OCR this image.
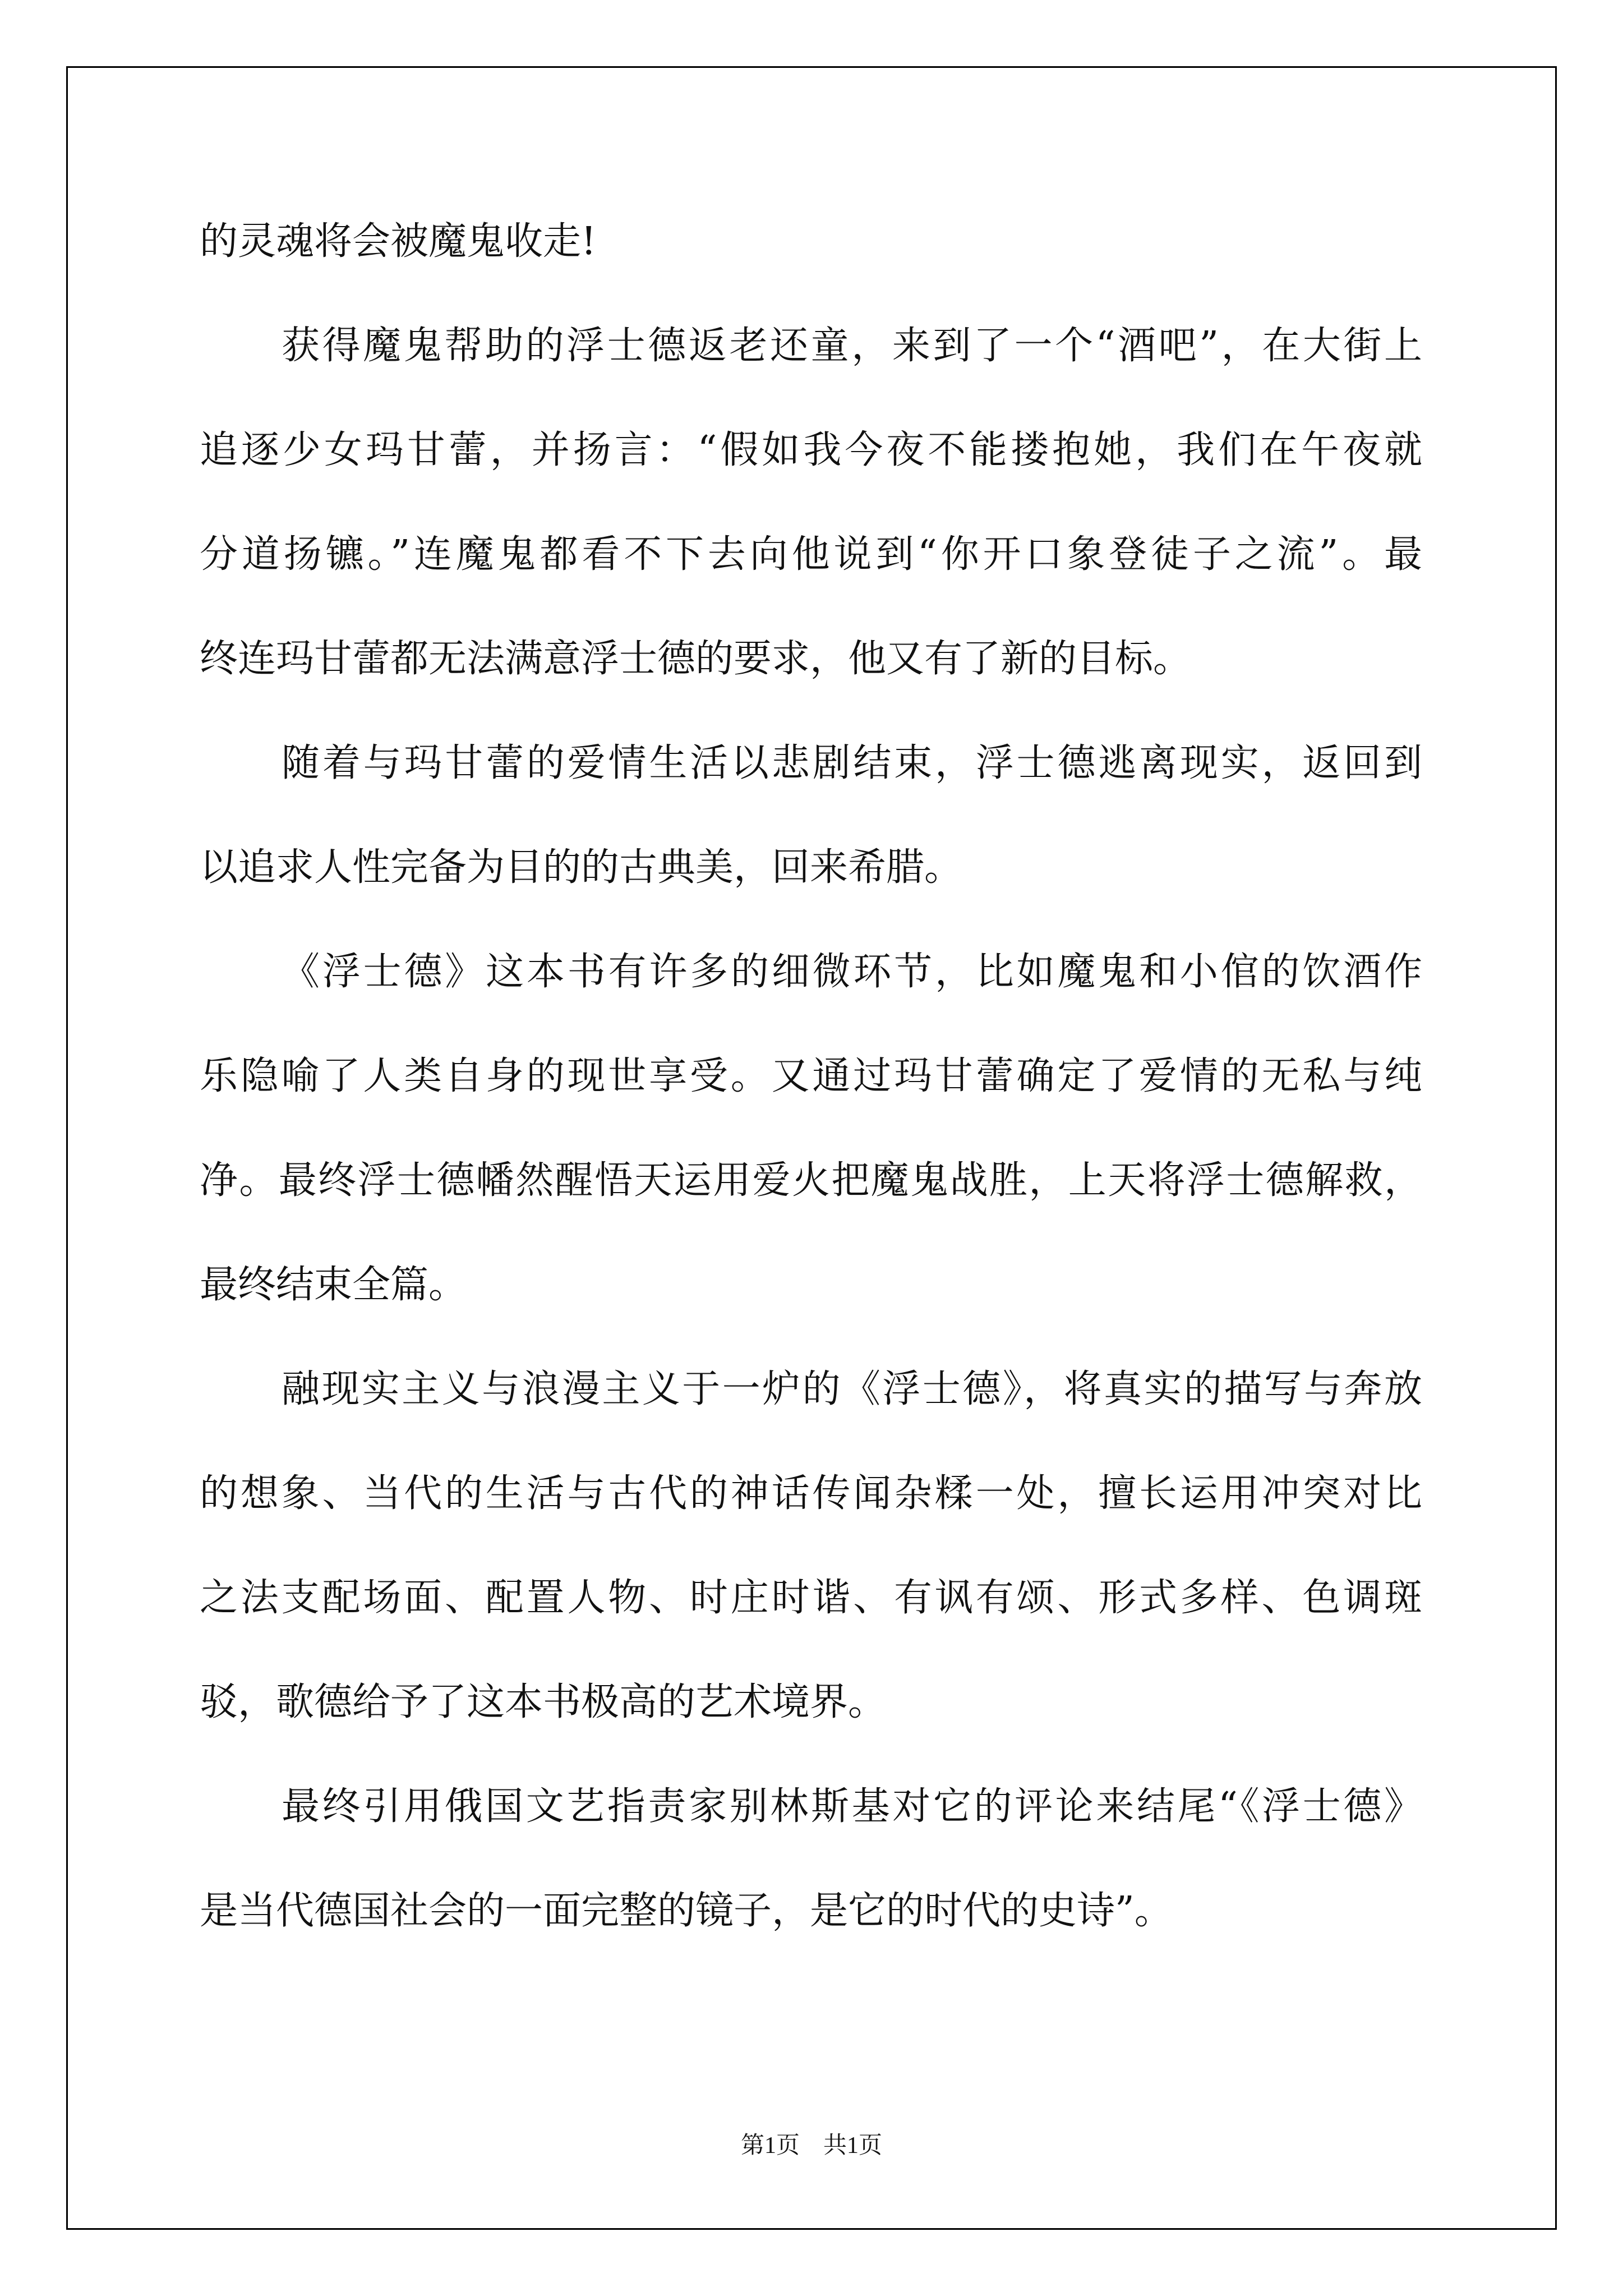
的灵魂将会被魔鬼收走!
获得魔鬼帮助的浮士德返老还童，来到了一个“酒吧”，在大街上
追逐少女玛甘蕾，并扬言：“假如我今夜不能搂抱她，我们在午夜就
分道扬镳。”连魔鬼都看不下去向他说到“你开口象登徒子之流”。最
终连玛甘蕾都无法满意浮士德的要求，他又有了新的目标。
随着与玛甘蕾的爱情生活以悲剧结束，浮士德逃离现实，返回到
以追求人性完备为目的的古典美，回来希腊。
《浮士德》这本书有许多的细微环节，比如魔鬼和小倌的饮酒作
乐隐喻了人类自身的现世享受。又通过玛甘蕾确定了爱情的无私与纯
净。最终浮士德幡然醒悟天运用爱火把魔鬼战胜，上天将浮士德解救，
最终结束全篇。
融现实主义与浪漫主义于一炉的《浮士德》，将真实的描写与奔放
的想象、当代的生活与古代的神话传闻杂糅一处，擅长运用冲突对比
之法支配场面、配置人物、时庄时谐、有讽有颂、形式多样、色调斑
驳，歌德给予了这本书极高的艺术境界。
最终引用俄国文艺指责家别林斯基对它的评论来结尾“《浮士德》
是当代德国社会的一面完整的镜子，是它的时代的史诗”。
第1页 共1页
